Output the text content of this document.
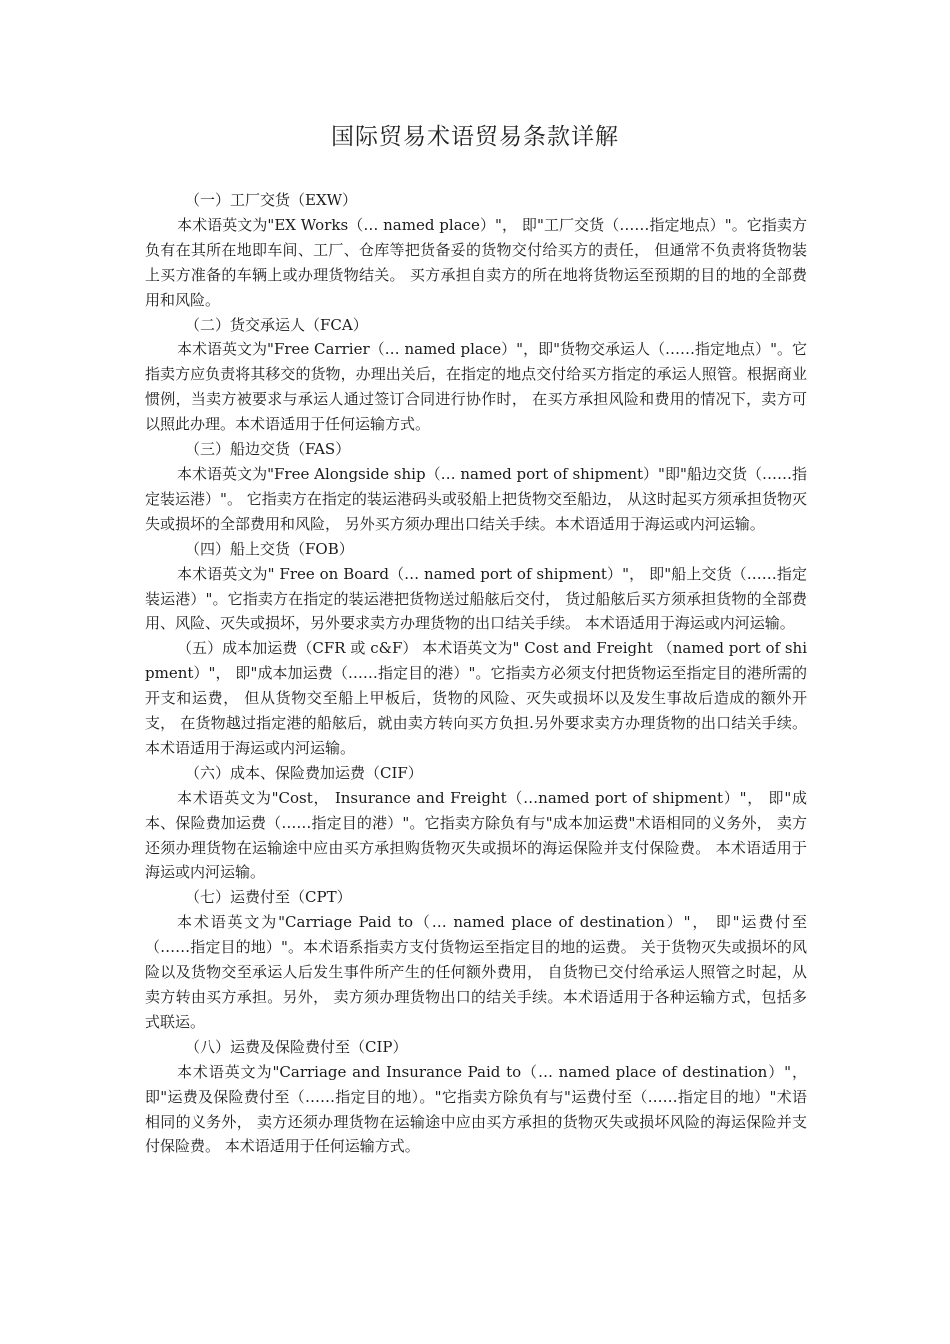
国际贸易术语贸易条款详解
（一）工厂交货（EXW）
本术语英文为"EX Works（… named place）"， 即"工厂交货（……指定地点）"。它指卖方负有在其所在地即车间、工厂、仓库等把货备妥的货物交付给买方的责任， 但通常不负责将货物装上买方准备的车辆上或办理货物结关。 买方承担自卖方的所在地将货物运至预期的目的地的全部费用和风险。
（二）货交承运人（FCA）
本术语英文为"Free Carrier（… named place）"，即"货物交承运人（……指定地点）"。它指卖方应负责将其移交的货物，办理出关后，在指定的地点交付给买方指定的承运人照管。根据商业惯例，当卖方被要求与承运人通过签订合同进行协作时， 在买方承担风险和费用的情况下，卖方可以照此办理。本术语适用于任何运输方式。
（三）船边交货（FAS）
本术语英文为"Free Alongside ship（… named port of shipment）"即"船边交货（……指定装运港）"。 它指卖方在指定的装运港码头或驳船上把货物交至船边， 从这时起买方须承担货物灭失或损坏的全部费用和风险， 另外买方须办理出口结关手续。本术语适用于海运或内河运输。
（四）船上交货（FOB）
本术语英文为" Free on Board（… named port of shipment）"， 即"船上交货（……指定装运港）"。它指卖方在指定的装运港把货物送过船舷后交付， 货过船舷后买方须承担货物的全部费用、风险、灭失或损坏，另外要求卖方办理货物的出口结关手续。 本术语适用于海运或内河运输。
（五）成本加运费（CFR 或 c&F） 本术语英文为" Cost and Freight （named port of shipment）"， 即"成本加运费（……指定目的港）"。它指卖方必须支付把货物运至指定目的港所需的开支和运费， 但从货物交至船上甲板后，货物的风险、灭失或损坏以及发生事故后造成的额外开支， 在货物越过指定港的船舷后，就由卖方转向买方负担.另外要求卖方办理货物的出口结关手续。 本术语适用于海运或内河运输。
（六）成本、保险费加运费（CIF）
本术语英文为"Cost， Insurance and Freight（…named port of shipment）"， 即"成本、保险费加运费（……指定目的港）"。它指卖方除负有与"成本加运费"术语相同的义务外， 卖方还须办理货物在运输途中应由买方承担购货物灭失或损坏的海运保险并支付保险费。 本术语适用于海运或内河运输。
（七）运费付至（CPT）
本术语英文为"Carriage Paid to（… named place of destination）"， 即"运费付至（……指定目的地）"。本术语系指卖方支付货物运至指定目的地的运费。 关于货物灭失或损坏的风险以及货物交至承运人后发生事件所产生的任何额外费用， 自货物已交付给承运人照管之时起，从卖方转由买方承担。另外， 卖方须办理货物出口的结关手续。本术语适用于各种运输方式，包括多式联运。
（八）运费及保险费付至（CIP）
本术语英文为"Carriage and Insurance Paid to（… named place of destination）"， 即"运费及保险费付至（……指定目的地）。"它指卖方除负有与"运费付至（……指定目的地）"术语相同的义务外， 卖方还须办理货物在运输途中应由买方承担的货物灭失或损坏风险的海运保险并支付保险费。 本术语适用于任何运输方式。
